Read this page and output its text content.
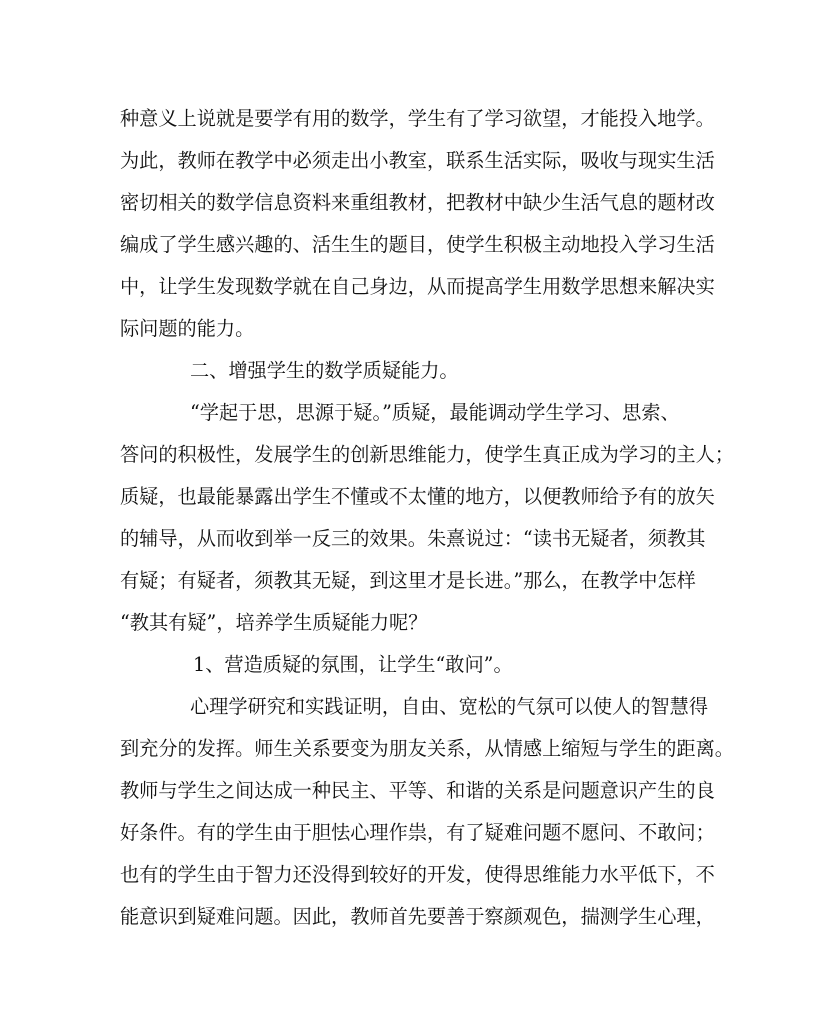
种意义上说就是要学有用的数学，学生有了学习欲望，才能投入地学。
为此，教师在教学中必须走出小教室，联系生活实际，吸收与现实生活
密切相关的数学信息资料来重组教材，把教材中缺少生活气息的题材改
编成了学生感兴趣的、活生生的题目，使学生积极主动地投入学习生活
中，让学生发现数学就在自己身边，从而提高学生用数学思想来解决实
际问题的能力。
二、增强学生的数学质疑能力。
“学起于思，思源于疑。”质疑，最能调动学生学习、思索、
答问的积极性，发展学生的创新思维能力，使学生真正成为学习的主人；
质疑，也最能暴露出学生不懂或不太懂的地方，以便教师给予有的放矢
的辅导，从而收到举一反三的效果。朱熹说过：“读书无疑者，须教其
有疑；有疑者，须教其无疑，到这里才是长进。”那么，在教学中怎样
“教其有疑”，培养学生质疑能力呢？
1、营造质疑的氛围，让学生“敢问”。
心理学研究和实践证明，自由、宽松的气氛可以使人的智慧得
到充分的发挥。师生关系要变为朋友关系，从情感上缩短与学生的距离。
教师与学生之间达成一种民主、平等、和谐的关系是问题意识产生的良
好条件。有的学生由于胆怯心理作祟，有了疑难问题不愿问、不敢问；
也有的学生由于智力还没得到较好的开发，使得思维能力水平低下，不
能意识到疑难问题。因此，教师首先要善于察颜观色，揣测学生心理，
